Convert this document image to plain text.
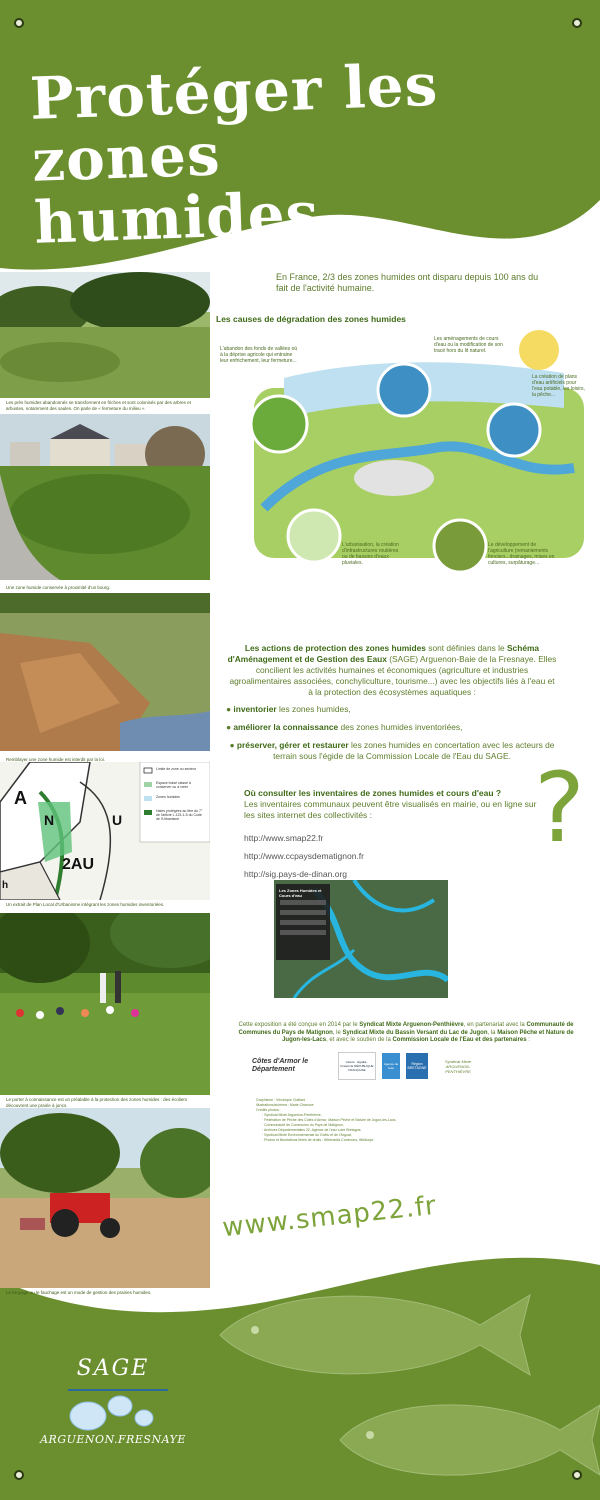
Protéger les zones
humides
Les près humides abandonnés se transforment en friches et sont colonisés par des arbres et arbustes, notamment des saules. On parle de « fermeture du milieu ».
Une zone humide conservée à proximité d'un bourg.
Remblayer une zone humide est interdit par la loi.
A
N	U
2AU
h
Limite de zone ou secteur
Espace boisé classé à conserver ou à créer
Zones humides
Haies protégées au titre du 7° de l'article L.123-1-5 du Code de l'Urbanisme
Un extrait de Plan Local d'Urbanisme intégrant les zones humides inventoriées.
Le porter à connaissance est un préalable à la protection des zones humides : des écoliers découvrent une prairie à joncs.
Le broyage ou le fauchage est un mode de gestion des prairies humides.
En France, 2/3 des zones humides ont disparu depuis 100 ans du fait de l'activité humaine.
Les causes de dégradation des zones humides
L'abandon des fonds de vallées où à la déprise agricole qui entraine leur enfrichement, leur fermeture...
Les aménagements de cours d'eau ou la modification de son tracé hors du lit naturel.
La création de plans d'eau artificiels pour l'eau potable, les loisirs, la pêche...
L'urbanisation, la création d'infrastructures routières ou de bassins d'eaux pluviales.
Le développement de l'agriculture (remaniements fonciers...drainages, mises en cultures, surpâturage...
Les actions de protection des zones humides sont définies dans le Schéma d'Aménagement et de Gestion des Eaux (SAGE) Arguenon-Baie de la Fresnaye. Elles concilient les activités humaines et économiques (agriculture et industries agroalimentaires associées, conchyliculture, tourisme...) avec les objectifs liés à l'eau et à la protection des écosystèmes aquatiques :
● inventorier les zones humides,
● améliorer la connaissance des zones humides inventoriées,
● préserver, gérer et restaurer les zones humides en concertation avec les acteurs de terrain sous l'égide de la Commission Locale de l'Eau du SAGE.
Où consulter les inventaires de zones humides et cours d'eau ?
Les inventaires communaux peuvent être visualisés en mairie, ou en ligne sur les sites internet des collectivités :
http://www.smap22.fr
http://www.ccpaysdematignon.fr
http://sig.pays-de-dinan.org
?
Les Zones Humides et Cours d'eau
Cette exposition a été conçue en 2014 par le Syndicat Mixte Arguenon-Penthièvre, en partenariat avec la Communauté de Communes du Pays de Matignon, le Syndicat Mixte du Bassin Versant du Lac de Jugon, la Maison Pêche et Nature de Jugon-les-Lacs, et avec le soutien de la Commission Locale de l'Eau et des partenaires :
Côtes d'Armor le Département
Liberté · Égalité · Fraternité RÉPUBLIQUE FRANÇAISE
Agence de l'eau
Région BRETAGNE
Syndicat Mixte ARGUENON-PENTHIÈVRE
Graphisme : Véronique Guillard
Illustrations/schéma : Marie Chanove
Crédits photos :
· Syndicat Mixte Arguenon-Penthièvre,
· Fédération de Pêche des Côtes d'Armor, Maison Pêche et Nature de Jugon-les-Lacs,
· Communauté de Communes du Pays de Matignon,
· Archives Départementales 22, Agence de l'eau Loire Bretagne,
· Syndicat Mixte Environnemental du Goëlo et de l'Argoat,
· Photos et illustrations libres de droits : Wikimedia Commons, Wikiloopr.
www.smap22.fr
SAGE
ARGUENON.FRESNAYE
